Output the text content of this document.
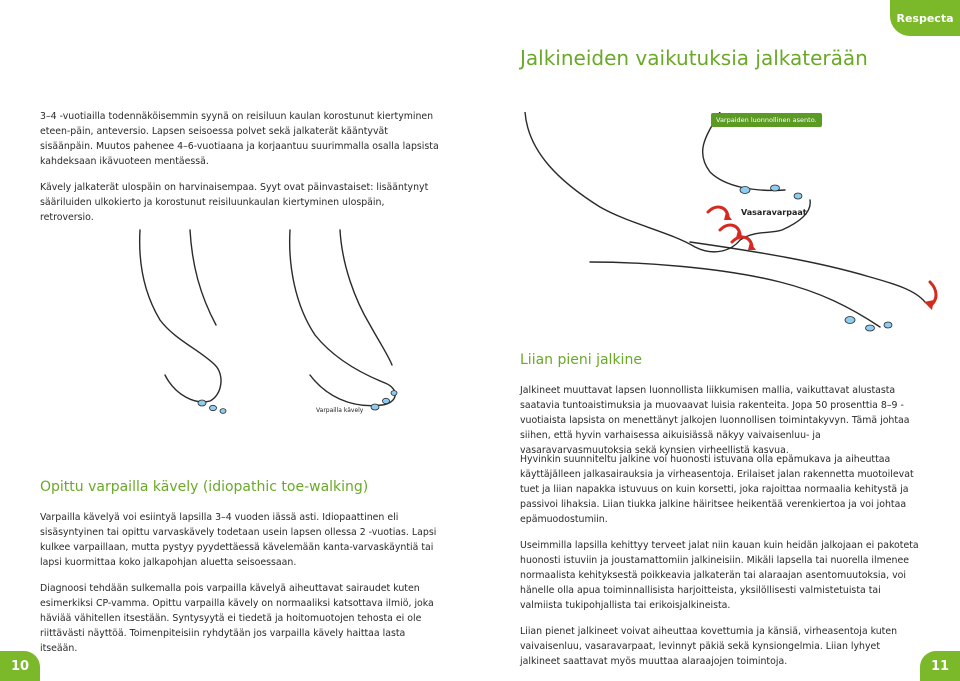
Respecta
Jalkineiden vaikutuksia jalkaterään

3–4 -vuotiailla todennäköisemmin syynä on reisiluun kaulan korostunut kiertyminen eteen-päin, anteversio. Lapsen seisoessa polvet sekä jalkaterät kääntyvät sisäänpäin. Muutos pahenee 4–6-vuotiaana ja korjaantuu suurimmalla osalla lapsista kahdeksaan ikävuoteen mentäessä.

Kävely jalkaterät ulospäin on harvinaisempaa. Syyt ovat päinvastaiset: lisääntynyt sääriluiden ulkokierto ja korostunut reisiluunkaulan kiertyminen ulospäin, retroversio.

Varpailla kävely
Varpaiden luonnollinen asento.
Vasaravarpaat
Liian pieni jalkine

Jalkineet muuttavat lapsen luonnollista liikkumisen mallia, vaikuttavat alustasta saatavia tuntoaistimuksia ja muovaavat luisia rakenteita. Jopa 50 prosenttia 8–9 -vuotiaista lapsista on menettänyt jalkojen luonnollisen toimintakyvyn. Tämä johtaa siihen, että hyvin varhaisessa aikuisiässä näkyy vaivaisenluu- ja vasaravarvasmuutoksia sekä kynsien virheellistä kasvua.

Hyvinkin suunniteltu jalkine voi huonosti istuvana olla epämukava ja aiheuttaa käyttäjälleen jalkasairauksia ja virheasentoja. Erilaiset jalan rakennetta muotoilevat tuet ja liian napakka istuvuus on kuin korsetti, joka rajoittaa normaalia kehitystä ja passivoi lihaksia. Liian tiukka jalkine häiritsee heikentää verenkiertoa ja voi johtaa epämuodostumiin.

Useimmilla lapsilla kehittyy terveet jalat niin kauan kuin heidän jalkojaan ei pakoteta huonosti istuviin ja joustamattomiin jalkineisiin. Mikäli lapsella tai nuorella ilmenee normaalista kehityksestä poikkeavia jalkaterän tai alaraajan asentomuutoksia, voi hänelle olla apua toiminnallisista harjoitteista, yksilöllisesti valmistetuista tai valmiista tukipohjallista tai erikoisjalkineista.

Liian pienet jalkineet voivat aiheuttaa kovettumia ja känsiä, virheasentoja kuten vaivaisenluu, vasaravarpaat, levinnyt päkiä sekä kynsiongelmia. Liian lyhyet jalkineet saattavat myös muuttaa alaraajojen toimintoja.

Opittu varpailla kävely (idiopathic toe-walking)

Varpailla kävelyä voi esiintyä lapsilla 3–4 vuoden iässä asti. Idiopaattinen eli sisäsyntyinen tai opittu varvaskävely todetaan usein lapsen ollessa 2 -vuotias. Lapsi kulkee varpaillaan, mutta pystyy pyydettäessä kävelemään kanta-varvaskäyntiä tai lapsi kuormittaa koko jalkapohjan aluetta seisoessaan.

Diagnoosi tehdään sulkemalla pois varpailla kävelyä aiheuttavat sairaudet kuten esimerkiksi CP-vamma. Opittu varpailla kävely on normaaliksi katsottava ilmiö, joka häviää vähitellen itsestään. Syntysyytä ei tiedetä ja hoitomuotojen tehosta ei ole riittävästi näyttöä. Toimenpiteisiin ryhdytään jos varpailla kävely haittaa lasta itseään.

10	11
